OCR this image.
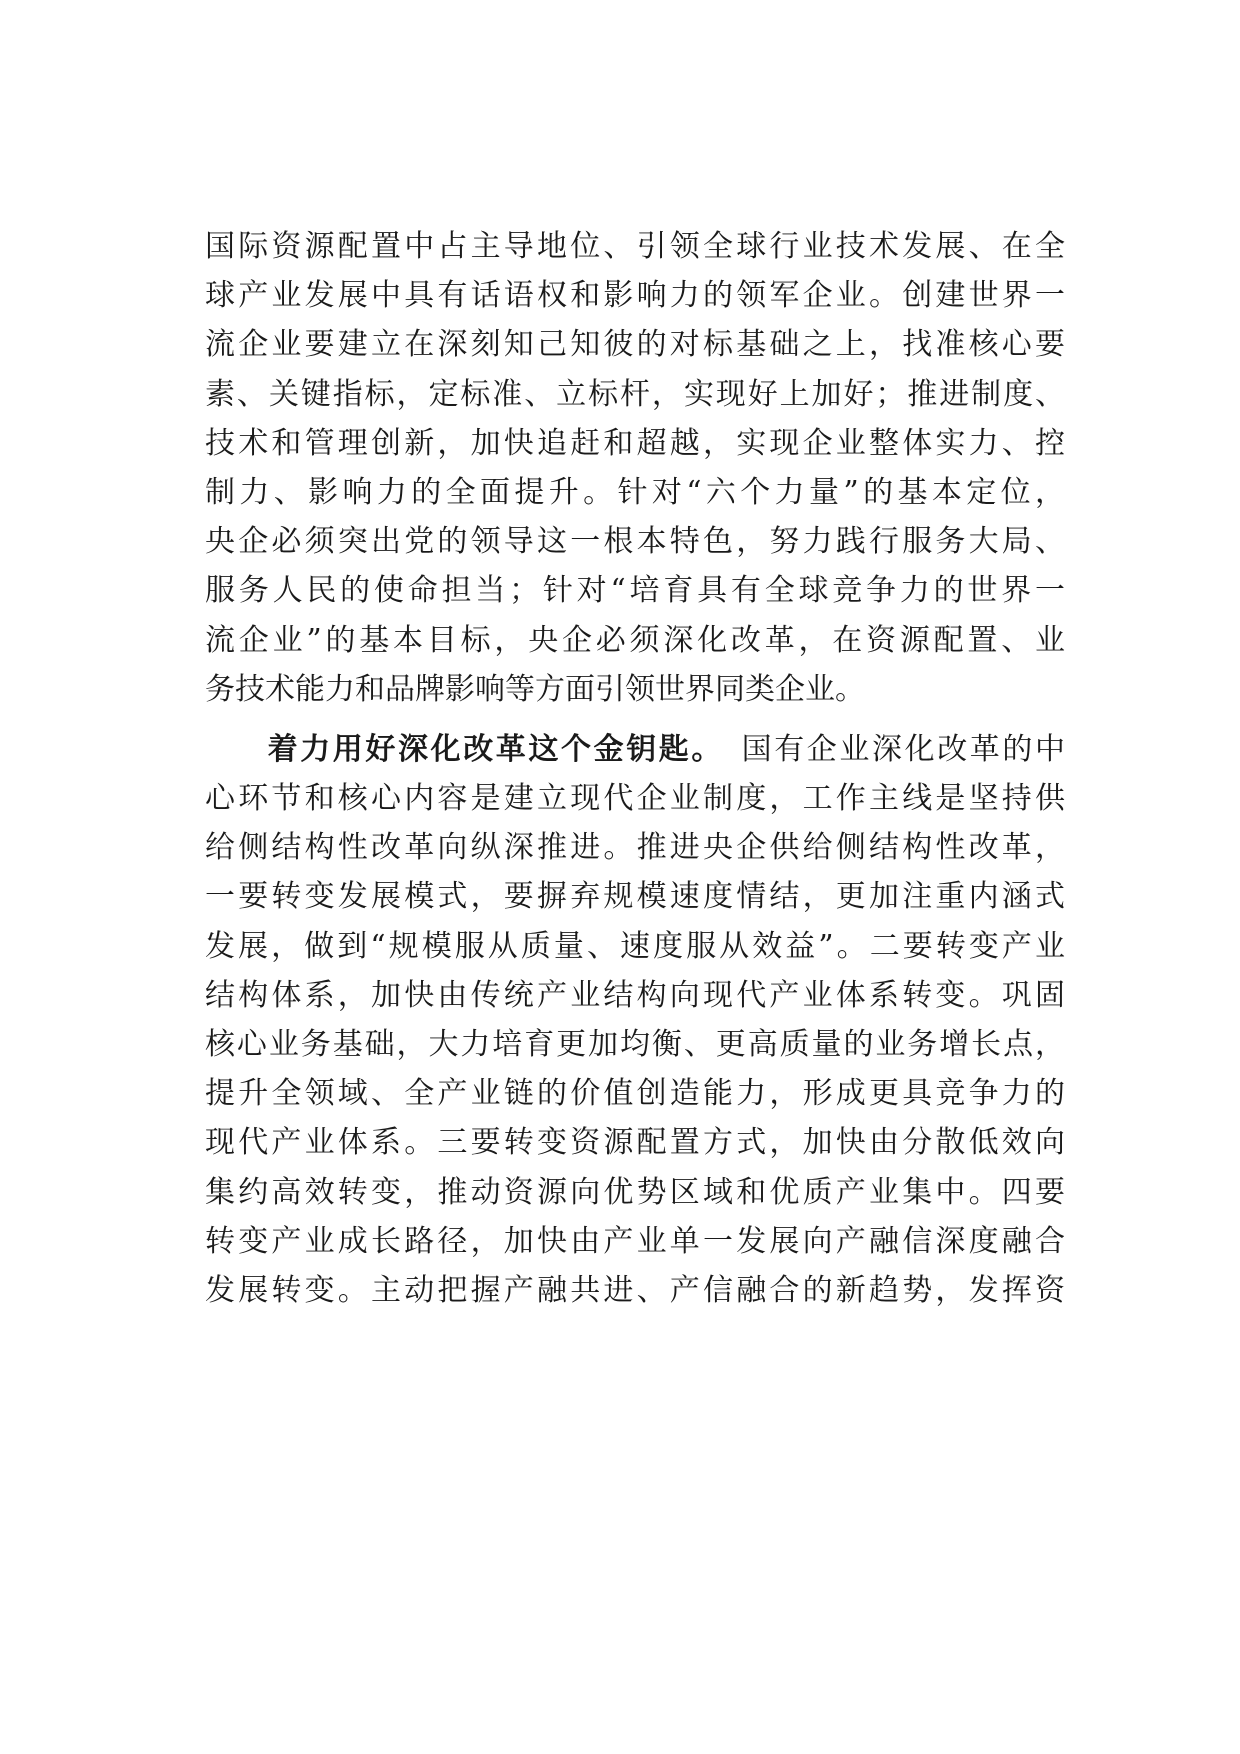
国际资源配置中占主导地位、引领全球行业技术发展、在全
球产业发展中具有话语权和影响力的领军企业。创建世界一
流企业要建立在深刻知己知彼的对标基础之上，找准核心要
素、关键指标，定标准、立标杆，实现好上加好；推进制度、
技术和管理创新，加快追赶和超越，实现企业整体实力、控
制力、影响力的全面提升。针对“六个力量”的基本定位，
央企必须突出党的领导这一根本特色，努力践行服务大局、
服务人民的使命担当；针对“培育具有全球竞争力的世界一
流企业”的基本目标，央企必须深化改革，在资源配置、业
务技术能力和品牌影响等方面引领世界同类企业。
着力用好深化改革这个金钥匙。　 国有企业深化改革的中
心环节和核心内容是建立现代企业制度，工作主线是坚持供
给侧结构性改革向纵深推进。推进央企供给侧结构性改革，
一要转变发展模式，要摒弃规模速度情结，更加注重内涵式
发展，做到“规模服从质量、速度服从效益”。二要转变产业
结构体系，加快由传统产业结构向现代产业体系转变。巩固
核心业务基础，大力培育更加均衡、更高质量的业务增长点，
提升全领域、全产业链的价值创造能力，形成更具竞争力的
现代产业体系。三要转变资源配置方式，加快由分散低效向
集约高效转变，推动资源向优势区域和优质产业集中。四要
转变产业成长路径，加快由产业单一发展向产融信深度融合
发展转变。主动把握产融共进、产信融合的新趋势，发挥资
